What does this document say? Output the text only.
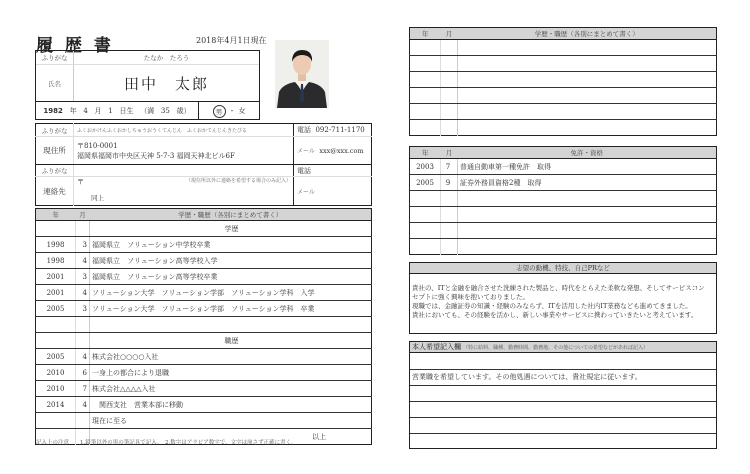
履 歴 書	2018年4月1日現在
ふりがな	たなか　たろう
氏名	田中　太郎
1982 年 4 月 1 日生 （満 35 歳）	男 ・ 女
ふりがな	ふくおかけんふくおかしちゅうおうくてんじん　ふくおかてんじんきたびる	電話 092-711-1170
現住所	〒810-0001
福岡県福岡市中央区天神 5-7-3 福岡天神北ビル6F	メール xxx@xxx.com
ふりがな		電話
連絡先	〒 （現住所以外に連絡を希望する場合のみ記入）
同上	メール
年	月	学歴・職歴（各別にまとめて書く）
		学歴
1998	3	福岡県立　ソリューション中学校卒業
1998	4	福岡県立　ソリューション高等学校入学
2001	3	福岡県立　ソリューション高等学校卒業
2001	4	ソリューション大学　ソリューション学部　ソリューション学科　入学
2005	3	ソリューション大学　ソリューション学部　ソリューション学科　卒業

		職歴
2005	4	株式会社○○○○入社
2010	6	一身上の都合により退職
2010	7	株式会社△△△△入社
2014	4	　関西支社　営業本部に移動
		現在に至る
		以上
記入上の注意　　1.鉛筆以外の黒の筆記具で記入。　2.数字はアラビア数字で、文字は崩さず正確に書く。
年	月	学歴・職歴（各別にまとめて書く）

年	月	免許・資格
2003	7	普通自動車第一種免許　取得
2005	9	証券外務員資格2種　取得

志望の動機、特技、自己PRなど
貴社の、ITと金融を融合させた洗練された製品と、時代をとらえた柔軟な発想、そしてサービスコン
セプトに強く興味を抱いておりました。
現職では、金融証券の知識・経験のみならず、ITを活用した社内IT業務なども進めてきました。
貴社においても、その経験を活かし、新しい事業やサービスに携わっていきたいと考えています。
本人希望記入欄 （特に給料、職種、勤務時間、勤務地、その他についての希望などがあれば記入）

営業職を希望しています。その他処遇については、貴社規定に従います。
